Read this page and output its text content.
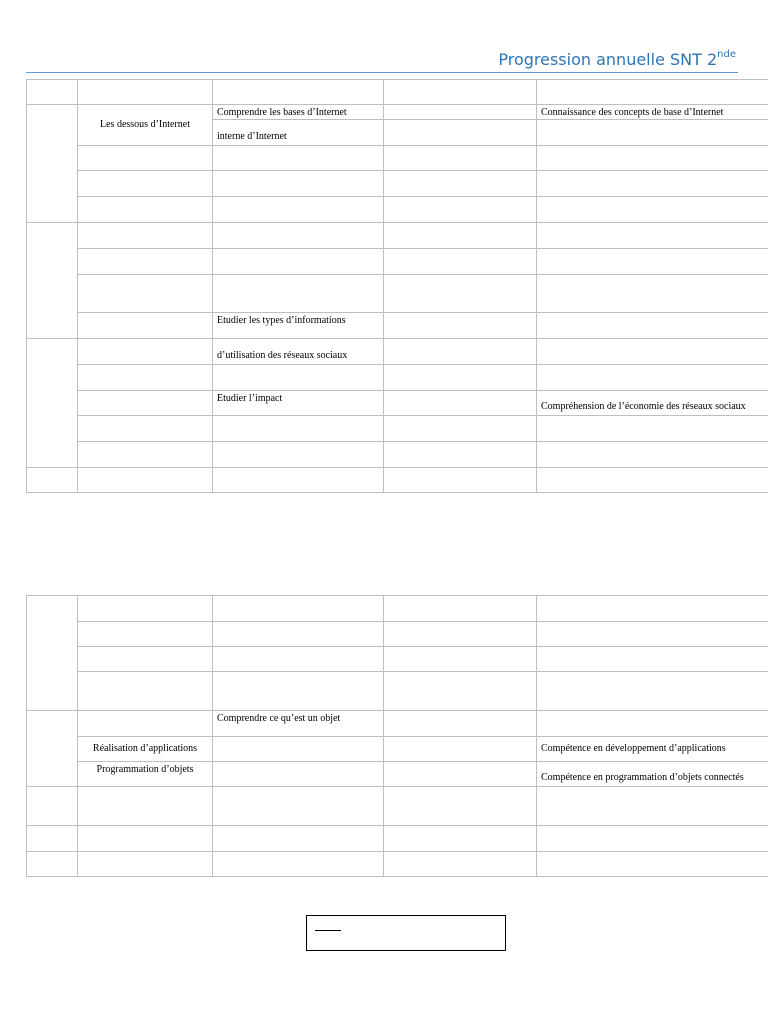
Progression annuelle SNT 2nde

	Les dessous d’Internet	Comprendre les bases d’Internet		Connaissance des concepts de base d’Internet
		interne d’Internet		

		Etudier les types d’informations		
		d’utilisation des réseaux sociaux		

		Etudier l’impact		Compréhension de l’économie des réseaux sociaux

		Comprendre ce qu’est un objet		
	Réalisation d’applications			Compétence en développement d’applications
	Programmation d’objets			Compétence en programmation d’objets connectés
